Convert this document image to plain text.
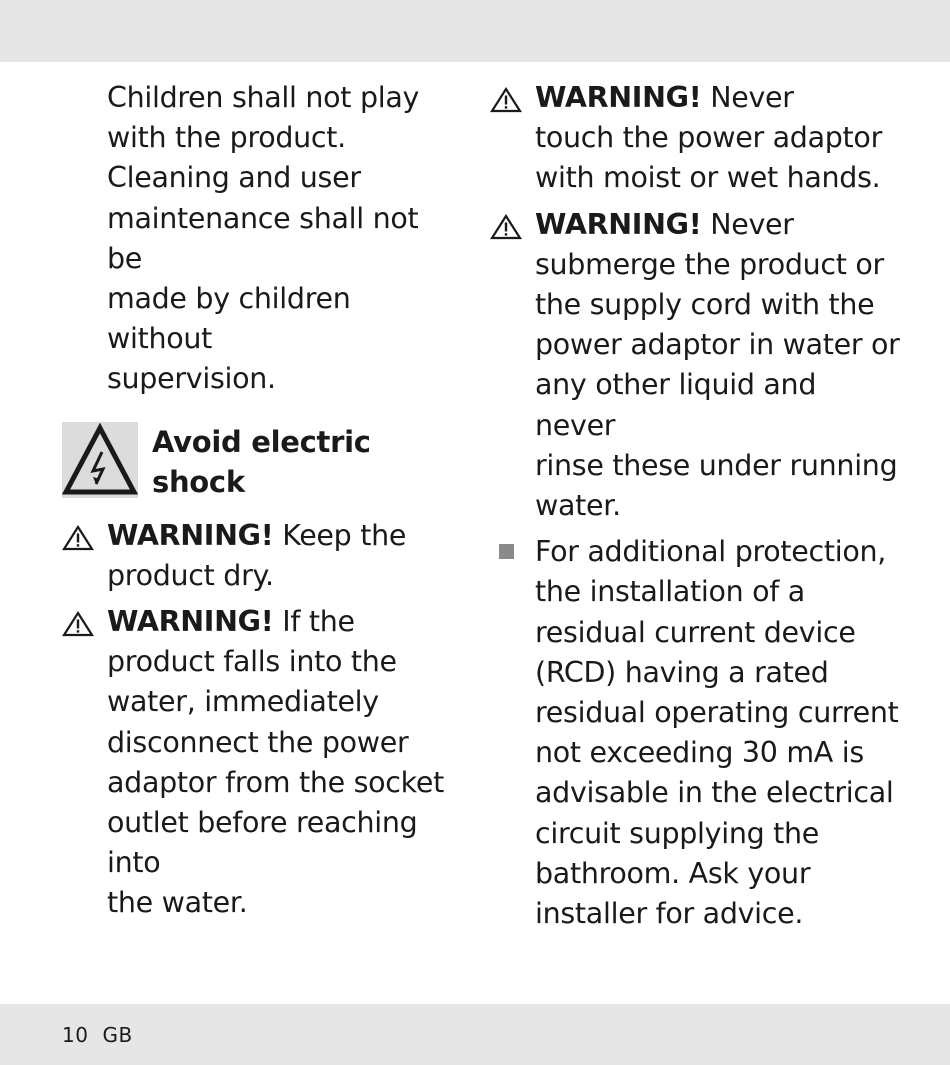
Children shall not play
with the product.
Cleaning and user
maintenance shall not be
made by children without
supervision.
Avoid electric
shock
WARNING! Keep the
product dry.
WARNING! If the
product falls into the
water, immediately
disconnect the power
adaptor from the socket
outlet before reaching into
the water.
WARNING! Never
touch the power adaptor
with moist or wet hands.
WARNING! Never
submerge the product or
the supply cord with the
power adaptor in water or
any other liquid and never
rinse these under running
water.
For additional protection,
the installation of a
residual current device
(RCD) having a rated
residual operating current
not exceeding 30 mA is
advisable in the electrical
circuit supplying the
bathroom. Ask your
installer for advice.
10 GB
